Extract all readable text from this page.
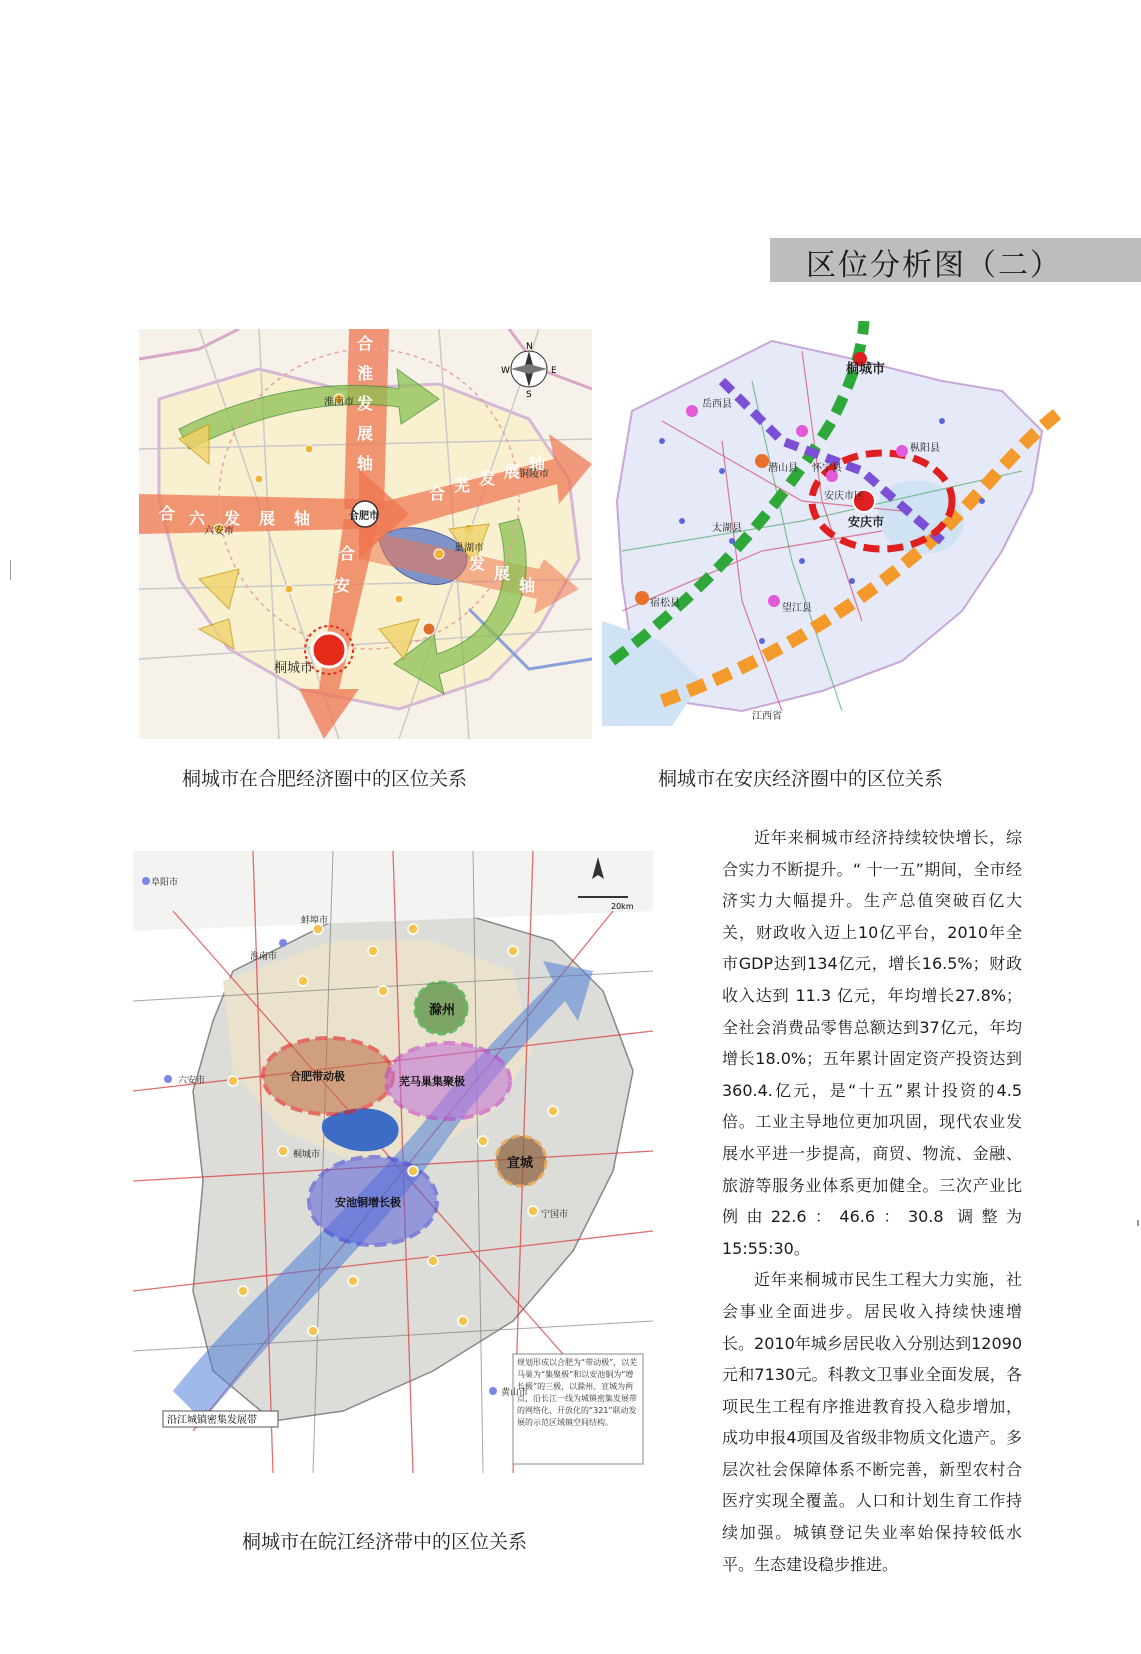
区位分析图（二）
N
S
W	E
合 六 发 展 轴
合
淮
发
展
轴
合 芜 发 展 轴
合
安
发
展
轴
合肥市
桐城市
淮南市
六安市
巢湖市
铜陵市
桐城市在合肥经济圈中的区位关系
桐城市
安庆市
岳西县
潜山县 怀宁县
太湖县
宿松县	望江县
枞阳县
安庆市区
江西省
桐城市在安庆经济圈中的区位关系
20km
规划形成以合肥为“带动极”，以芜马巢为“集聚极”和以安池铜为“增长极”的三极，以滁州、宣城为两点，沿长江一线为城镇密集发展带的网络化、开放化的“321”联动发展的示范区域镇空间结构。
沿江城镇密集发展带
合肥带动极	芜马巢集聚极
安池铜增长极
滁州
宣城
蚌埠市
淮南市
阜阳市
六安市
黄山市
宁国市
桐城市
桐城市在皖江经济带中的区位关系

近年来桐城市经济持续较快增长，综合实力不断提升。“ 十一五”期间，全市经济实力大幅提升。生产总值突破百亿大关，财政收入迈上10亿平台，2010年全市GDP达到134亿元，增长16.5%；财政收入达到 11.3 亿元，年均增长27.8%；全社会消费品零售总额达到37亿元，年均增长18.0%；五年累计固定资产投资达到360.4.亿元，是“十五”累计投资的4.5倍。工业主导地位更加巩固，现代农业发展水平进一步提高，商贸、物流、金融、旅游等服务业体系更加健全。三次产业比例由22.6：46.6：30.8 调整为15:55:30。

近年来桐城市民生工程大力实施，社会事业全面进步。居民收入持续快速增长。2010年城乡居民收入分别达到12090元和7130元。科教文卫事业全面发展，各项民生工程有序推进教育投入稳步增加，成功申报4项国及省级非物质文化遗产。多层次社会保障体系不断完善，新型农村合医疗实现全覆盖。人口和计划生育工作持续加强。城镇登记失业率始保持较低水平。生态建设稳步推进。
